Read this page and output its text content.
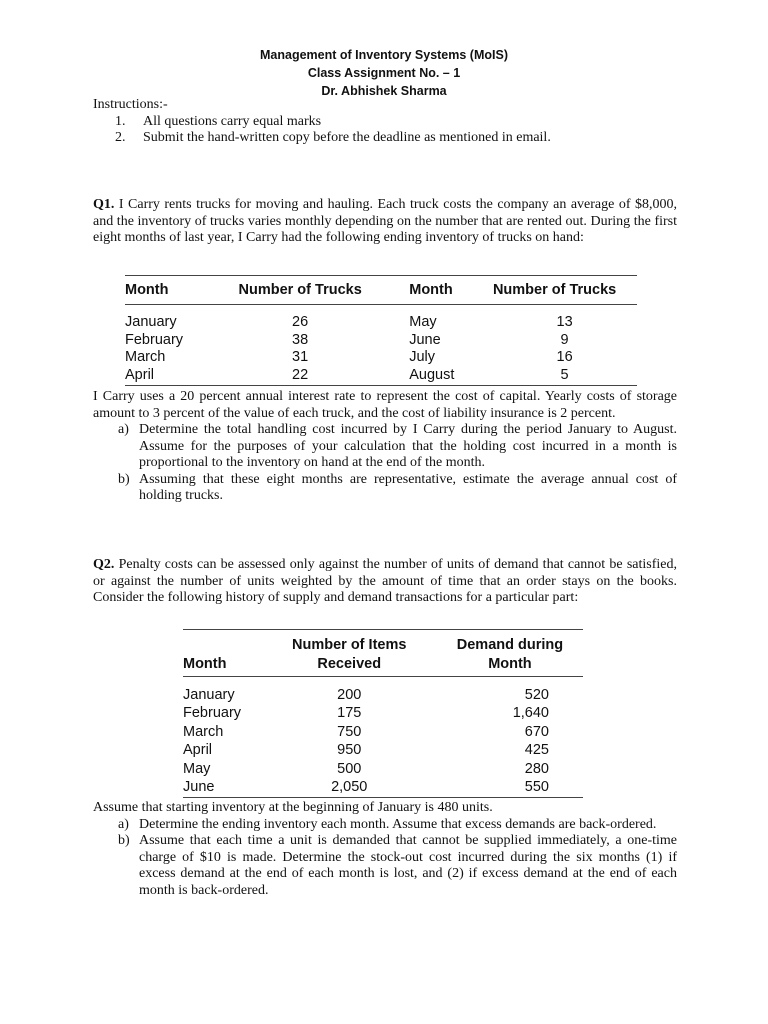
Management of Inventory Systems (MoIS)
Class Assignment No. – 1
Dr. Abhishek Sharma
Instructions:-
1. All questions carry equal marks
2. Submit the hand-written copy before the deadline as mentioned in email.

Q1. I Carry rents trucks for moving and hauling. Each truck costs the company an average of $8,000, and the inventory of trucks varies monthly depending on the number that are rented out. During the first eight months of last year, I Carry had the following ending inventory of trucks on hand:

Month	Number of Trucks	Month	Number of Trucks
January	26	May	13
February	38	June	9
March	31	July	16
April	22	August	5

I Carry uses a 20 percent annual interest rate to represent the cost of capital. Yearly costs of storage amount to 3 percent of the value of each truck, and the cost of liability insurance is 2 percent.

a) Determine the total handling cost incurred by I Carry during the period January to August. Assume for the purposes of your calculation that the holding cost incurred in a month is proportional to the inventory on hand at the end of the month.
b) Assuming that these eight months are representative, estimate the average annual cost of holding trucks.

Q2. Penalty costs can be assessed only against the number of units of demand that cannot be satisfied, or against the number of units weighted by the amount of time that an order stays on the books. Consider the following history of supply and demand transactions for a particular part:

	Number of Items	Demand during
Month	Received	Month
January	200	520
February	175	1,640
March	750	670
April	950	425
May	500	280
June	2,050	550

Assume that starting inventory at the beginning of January is 480 units.

a) Determine the ending inventory each month. Assume that excess demands are back-ordered.
b) Assume that each time a unit is demanded that cannot be supplied immediately, a one-time charge of $10 is made. Determine the stock-out cost incurred during the six months (1) if excess demand at the end of each month is lost, and (2) if excess demand at the end of each month is back-ordered.
